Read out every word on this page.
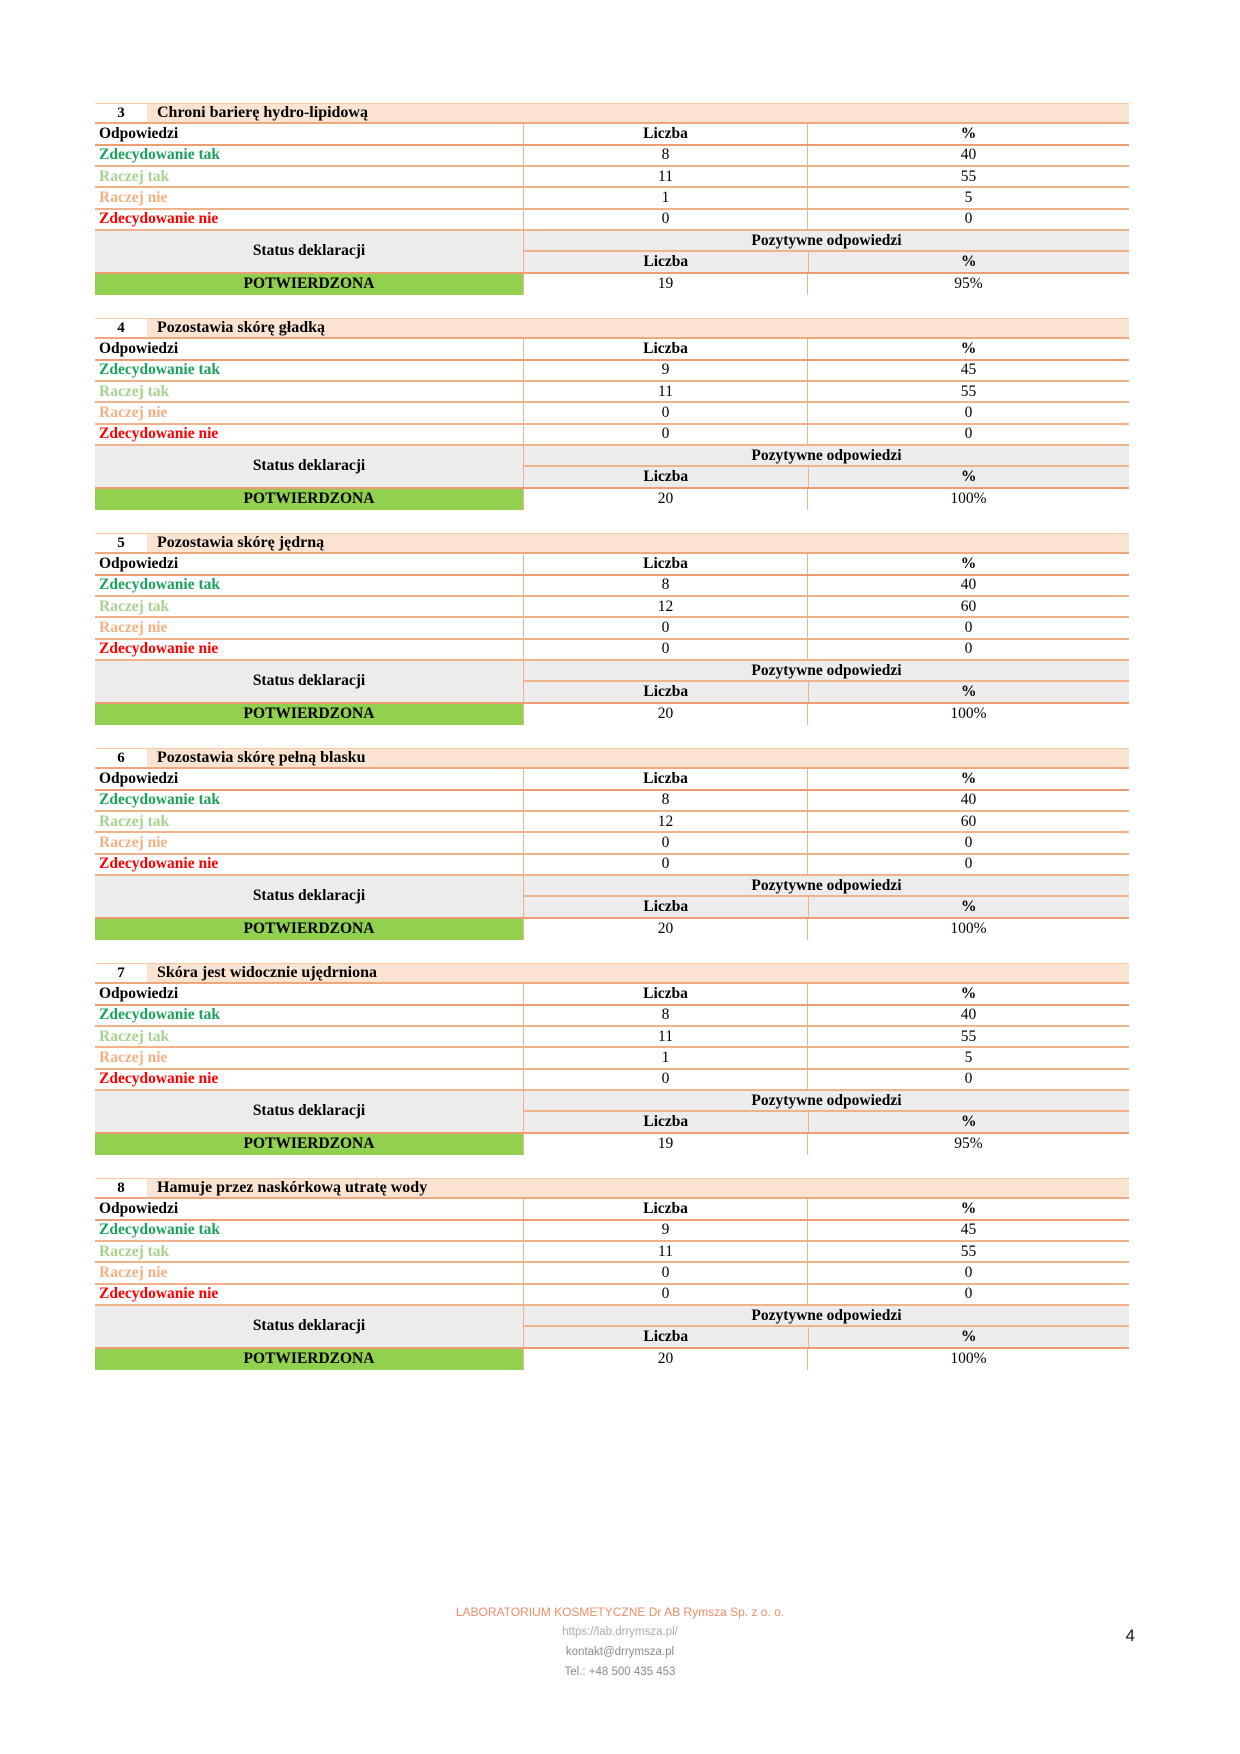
3	Chroni barierę hydro-lipidową
Odpowiedzi	Liczba	%
Zdecydowanie tak	8	40
Raczej tak	11	55
Raczej nie	1	5
Zdecydowanie nie	0	0
Status deklaracji
Pozytywne odpowiedzi
Liczba	%
POTWIERDZONA	19	95%
4	Pozostawia skórę gładką
Odpowiedzi	Liczba	%
Zdecydowanie tak	9	45
Raczej tak	11	55
Raczej nie	0	0
Zdecydowanie nie	0	0
Status deklaracji
Pozytywne odpowiedzi
Liczba	%
POTWIERDZONA	20	100%
5	Pozostawia skórę jędrną
Odpowiedzi	Liczba	%
Zdecydowanie tak	8	40
Raczej tak	12	60
Raczej nie	0	0
Zdecydowanie nie	0	0
Status deklaracji
Pozytywne odpowiedzi
Liczba	%
POTWIERDZONA	20	100%
6	Pozostawia skórę pełną blasku
Odpowiedzi	Liczba	%
Zdecydowanie tak	8	40
Raczej tak	12	60
Raczej nie	0	0
Zdecydowanie nie	0	0
Status deklaracji
Pozytywne odpowiedzi
Liczba	%
POTWIERDZONA	20	100%
7	Skóra jest widocznie ujędrniona
Odpowiedzi	Liczba	%
Zdecydowanie tak	8	40
Raczej tak	11	55
Raczej nie	1	5
Zdecydowanie nie	0	0
Status deklaracji
Pozytywne odpowiedzi
Liczba	%
POTWIERDZONA	19	95%
8	Hamuje przez naskórkową utratę wody
Odpowiedzi	Liczba	%
Zdecydowanie tak	9	45
Raczej tak	11	55
Raczej nie	0	0
Zdecydowanie nie	0	0
Status deklaracji
Pozytywne odpowiedzi
Liczba	%
POTWIERDZONA	20	100%
LABORATORIUM KOSMETYCZNE Dr AB Rymsza Sp. z o. o.
https://lab.drrymsza.pl/
kontakt@drrymsza.pl
Tel.: +48 500 435 453
4
